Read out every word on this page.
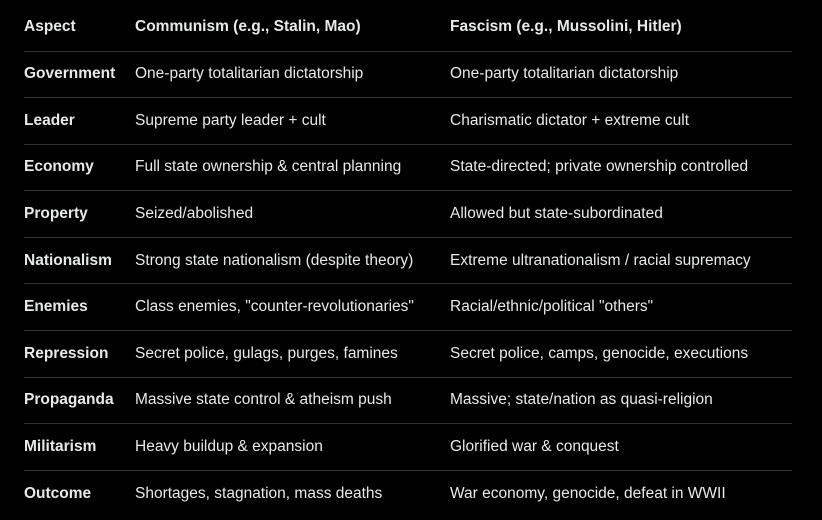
Aspect	Communism (e.g., Stalin, Mao)	Fascism (e.g., Mussolini, Hitler)
Government	One-party totalitarian dictatorship	One-party totalitarian dictatorship
Leader	Supreme party leader + cult	Charismatic dictator + extreme cult
Economy	Full state ownership & central planning	State-directed; private ownership controlled
Property	Seized/abolished	Allowed but state-subordinated
Nationalism	Strong state nationalism (despite theory)	Extreme ultranationalism / racial supremacy
Enemies	Class enemies, "counter-revolutionaries"	Racial/ethnic/political "others"
Repression	Secret police, gulags, purges, famines	Secret police, camps, genocide, executions
Propaganda	Massive state control & atheism push	Massive; state/nation as quasi-religion
Militarism	Heavy buildup & expansion	Glorified war & conquest
Outcome	Shortages, stagnation, mass deaths	War economy, genocide, defeat in WWII
